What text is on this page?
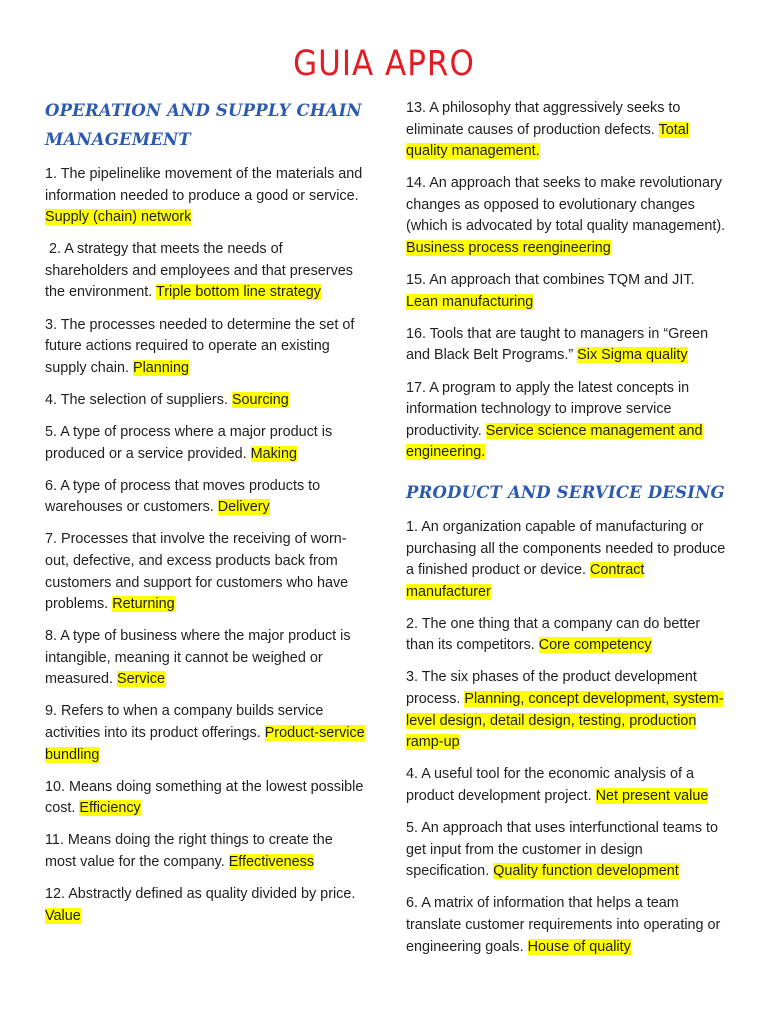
GUIA APRO
OPERATION AND SUPPLY CHAIN MANAGEMENT

1. The pipelinelike movement of the materials and information needed to produce a good or service. Supply (chain) network

2. A strategy that meets the needs of shareholders and employees and that preserves the environment. Triple bottom line strategy

3. The processes needed to determine the set of future actions required to operate an existing supply chain. Planning

4. The selection of suppliers. Sourcing

5. A type of process where a major product is produced or a service provided. Making

6. A type of process that moves products to warehouses or customers. Delivery

7. Processes that involve the receiving of worn-out, defective, and excess products back from customers and support for customers who have problems. Returning

8. A type of business where the major product is intangible, meaning it cannot be weighed or measured. Service

9. Refers to when a company builds service activities into its product offerings. Product-service bundling

10. Means doing something at the lowest possible cost. Efficiency

11. Means doing the right things to create the most value for the company. Effectiveness

12. Abstractly defined as quality divided by price. Value

13. A philosophy that aggressively seeks to eliminate causes of production defects. Total quality management.

14. An approach that seeks to make revolutionary changes as opposed to evolutionary changes (which is advocated by total quality management). Business process reengineering

15. An approach that combines TQM and JIT. Lean manufacturing

16. Tools that are taught to managers in “Green and Black Belt Programs.” Six Sigma quality

17. A program to apply the latest concepts in information technology to improve service productivity. Service science management and engineering.

PRODUCT AND SERVICE DESING

1. An organization capable of manufacturing or purchasing all the components needed to produce a finished product or device. Contract manufacturer

2. The one thing that a company can do better than its competitors. Core competency

3. The six phases of the product development process. Planning, concept development, system-level design, detail design, testing, production ramp-up

4. A useful tool for the economic analysis of a product development project. Net present value

5. An approach that uses interfunctional teams to get input from the customer in design specification. Quality function development

6. A matrix of information that helps a team translate customer requirements into operating or engineering goals. House of quality
